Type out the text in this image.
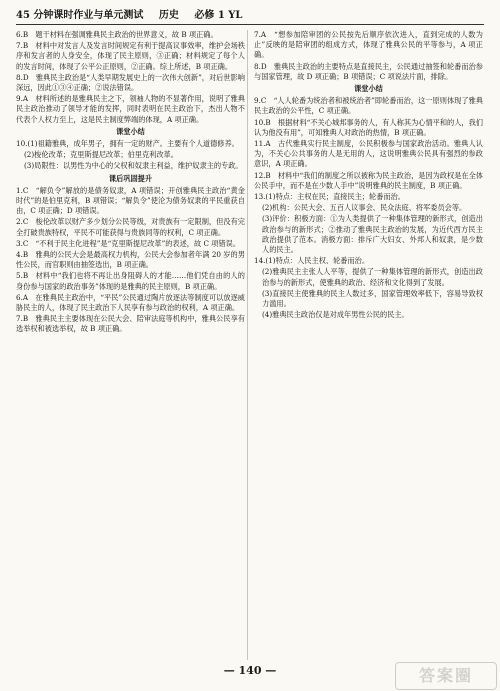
45 分钟课时作业与单元测试 历史 必修 1 YL
6.B　题干材料在强调雅典民主政治的世界意义，故 B 项正确。
7.B　材料中对发言人及发言时间规定有利于提高议事效率，维护会场秩序和发言者的人身安全，体现了民主原则，③正确；材料规定了每个人的发言时间，体现了公平公正原则，②正确。综上所述，B 项正确。
8.D　雅典民主政治是“人类早期发展史上的一次伟大创新”，对后世影响深远，因此①③④正确；②说法错误。
9.A　材料所述的是雅典民主之下，领袖人物的不显著作用，说明了雅典民主政治推动了领导才能的发挥，同时表明在民主政治下，杰出人物不代表个人权力至上，这是民主制度弊端的体现，A 项正确。
课堂小结
10.(1)祖籍雅典，成年男子，拥有一定的财产。主要有个人道德修养。
(2)梭伦改革；克里斯提尼改革；伯里克利改革。
(3)局限性：以男性为中心的父权和奴隶主利益，维护奴隶主的专政。
课后巩固提升
1.C　“解负令”解放的是债务奴隶，A 项错误；开创雅典民主政治“黄金时代”的是伯里克利，B 项错误；“解负令”使沦为债务奴隶的平民重获自由，C 项正确；D 项错误。
2.C　梭伦改革以财产多少划分公民等级，对贵族有一定限制，但没有完全打破贵族特权，平民不可能获得与贵族同等的权利，C 项正确。
3.C　“不利于民主化进程”是“克里斯提尼改革”的表述，故 C 项错误。
4.B　雅典的公民大会是最高权力机构，公民大会参加者年满 20 岁的男性公民，而官职则由抽签选出，B 项正确。
5.B　材料中“我们也将不再让出身阻碍人的才能……他们凭自由的人的身份参与国家的政治事务”体现的是雅典的民主原则，B 项正确。
6.A　在雅典民主政治中，“平民”公民通过陶片放逐法等制度可以放逐威胁民主的人，体现了民主政治下人民享有参与政治的权利，A 项正确。
7.B　雅典民主主要体现在公民大会、陪审法庭等机构中，雅典公民享有选举权和被选举权，故 B 项正确。
7.A　“想参加陪审团的公民按先后顺序依次进入，直到完成的人数为止”反映的是陪审团的组成方式，体现了雅典公民的平等参与，A 项正确。
8.D　雅典民主政治的主要特点是直接民主，公民通过抽签和轮番而治参与国家管理，故 D 项正确；B 项错误；C 项说法片面，排除。
课堂小结
9.C　“人人轮番为统治者和被统治者”即轮番而治，这一原则体现了雅典民主政治的公平性，C 项正确。
10.B　根据材料“不关心城邦事务的人，有人称其为心情平和的人，我们认为他没有用”，可知雅典人对政治的热情，B 项正确。
11.A　古代雅典实行民主制度，公民积极参与国家政治活动。雅典人认为，不关心公共事务的人是无用的人，这说明雅典公民具有强烈的参政意识，A 项正确。
12.B　材料中“我们的制度之所以被称为民主政治，是因为政权是在全体公民手中，而不是在少数人手中”说明雅典的民主制度，B 项正确。
13.(1)特点：主权在民；直接民主；轮番而治。
(2)机构：公民大会、五百人议事会、民众法庭、将军委员会等。
(3)评价：积极方面：①为人类提供了一种集体管理的新形式，创造出政治参与的新形式；②推动了雅典民主政治的发展，为近代西方民主政治提供了范本。消极方面：排斥广大妇女、外邦人和奴隶，是少数人的民主。
14.(1)特点：人民主权、轮番而治。
(2)雅典民主主张人人平等，提供了一种集体管理的新形式，创造出政治参与的新形式，使雅典的政治、经济和文化得到了发展。
(3)直接民主使雅典的民主人数过多，国家管理效率低下，容易导致权力滥用。
(4)雅典民主政治仅是对成年男性公民的民主。
— 140 —	答案圈
